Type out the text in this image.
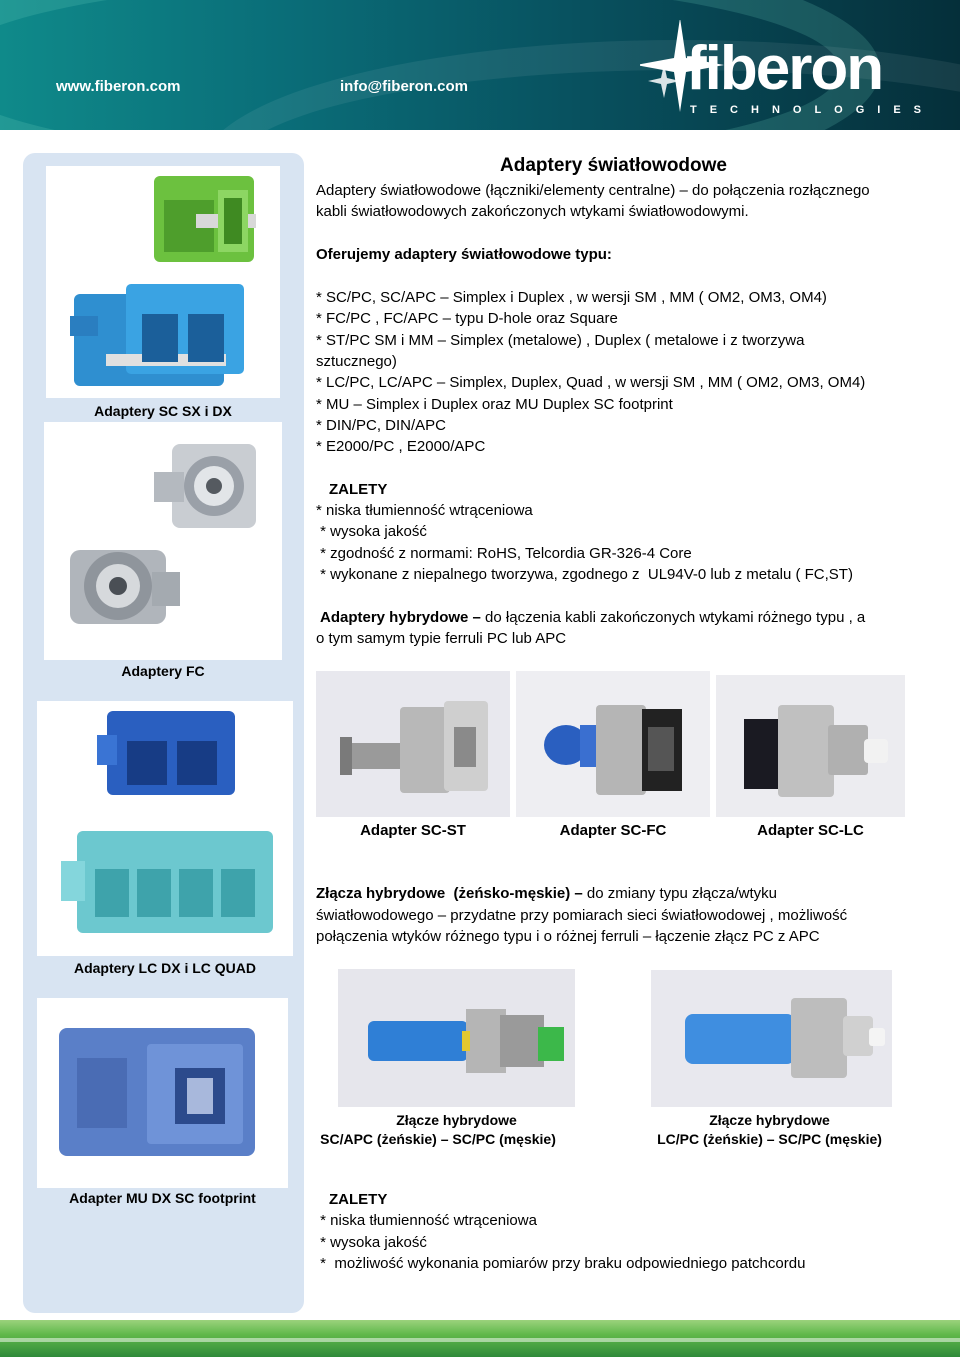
www.fiberon.com	info@fiberon.com	fiberon
TECHNOLOGIES
Adaptery SC SX i DX
Adaptery FC
Adaptery LC DX i LC QUAD
Adapter MU DX SC footprint
Adaptery światłowodowe
Adaptery światłowodowe (łączniki/elementy centralne) – do połączenia rozłącznego
kabli światłowodowych zakończonych wtykami światłowodowymi.
Oferujemy adaptery światłowodowe typu:
* SC/PC, SC/APC – Simplex i Duplex , w wersji SM , MM ( OM2, OM3, OM4)
* FC/PC , FC/APC – typu D-hole oraz Square
* ST/PC SM i MM – Simplex (metalowe) , Duplex ( metalowe i z tworzywa
sztucznego)
* LC/PC, LC/APC – Simplex, Duplex, Quad , w wersji SM , MM ( OM2, OM3, OM4)
* MU – Simplex i Duplex oraz MU Duplex SC footprint
* DIN/PC, DIN/APC
* E2000/PC , E2000/APC
ZALETY
* niska tłumienność wtrąceniowa
* wysoka jakość
* zgodność z normami: RoHS, Telcordia GR-326-4 Core
* wykonane z niepalnego tworzywa, zgodnego z  UL94V-0 lub z metalu ( FC,ST)
Adaptery hybrydowe – do łączenia kabli zakończonych wtykami różnego typu , a
o tym samym typie ferruli PC lub APC
Adapter SC-ST	Adapter SC-FC	Adapter SC-LC
Złącza hybrydowe  (żeńsko-męskie) – do zmiany typu złącza/wtyku
światłowodowego – przydatne przy pomiarach sieci światłowodowej , możliwość
połączenia wtyków różnego typu i o różnej ferruli – łączenie złącz PC z APC
Złącze hybrydowe
SC/APC (żeńskie) – SC/PC (męskie)
Złącze hybrydowe
LC/PC (żeńskie) – SC/PC (męskie)
ZALETY
* niska tłumienność wtrąceniowa
* wysoka jakość
*  możliwość wykonania pomiarów przy braku odpowiedniego patchcordu
